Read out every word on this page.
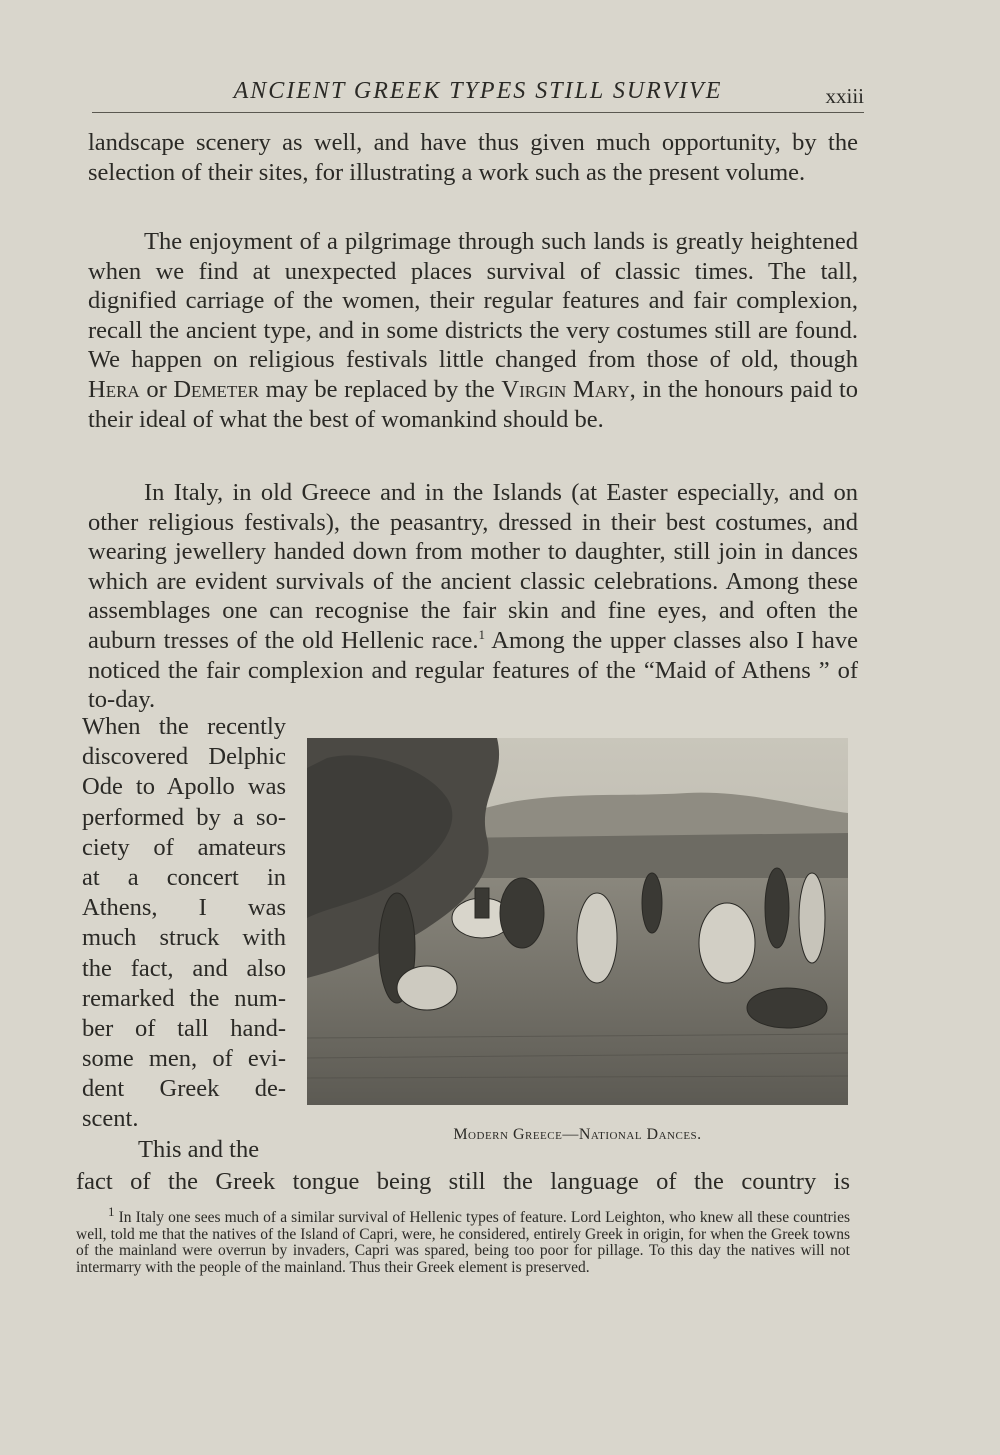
ANCIENT GREEK TYPES STILL SURVIVE	xxiii

landscape scenery as well, and have thus given much opportunity, by the selection of their sites, for illustrating a work such as the present volume.

The enjoyment of a pilgrimage through such lands is greatly heightened when we find at unexpected places survival of classic times. The tall, dignified carriage of the women, their regular features and fair complexion, recall the ancient type, and in some districts the very costumes still are found. We happen on religious festivals little changed from those of old, though Hera or Demeter may be replaced by the Virgin Mary, in the honours paid to their ideal of what the best of womankind should be.

In Italy, in old Greece and in the Islands (at Easter especially, and on other religious festivals), the peasantry, dressed in their best costumes, and wearing jewellery handed down from mother to daughter, still join in dances which are evident survivals of the ancient classic celebrations. Among these assemblages one can recognise the fair skin and fine eyes, and often the auburn tresses of the old Hellenic race.$^1$ Among the upper classes also I have noticed the fair complexion and regular features of the “Maid of Athens ” of to-day.

When the recently
discovered Delphic
Ode to Apollo was
performed by a so-
ciety of amateurs
at a concert in
Athens, I was
much struck with
the fact, and also
remarked the num-
ber of tall hand-
some men, of evi-
dent Greek de-
scent.
This and the

Modern Greece—National Dances.

fact of the Greek tongue being still the language of the country is

$^1$ In Italy one sees much of a similar survival of Hellenic types of feature. Lord Leighton, who knew all these countries well, told me that the natives of the Island of Capri, were, he considered, entirely Greek in origin, for when the Greek towns of the mainland were overrun by invaders, Capri was spared, being too poor for pillage. To this day the natives will not intermarry with the people of the mainland. Thus their Greek element is preserved.
